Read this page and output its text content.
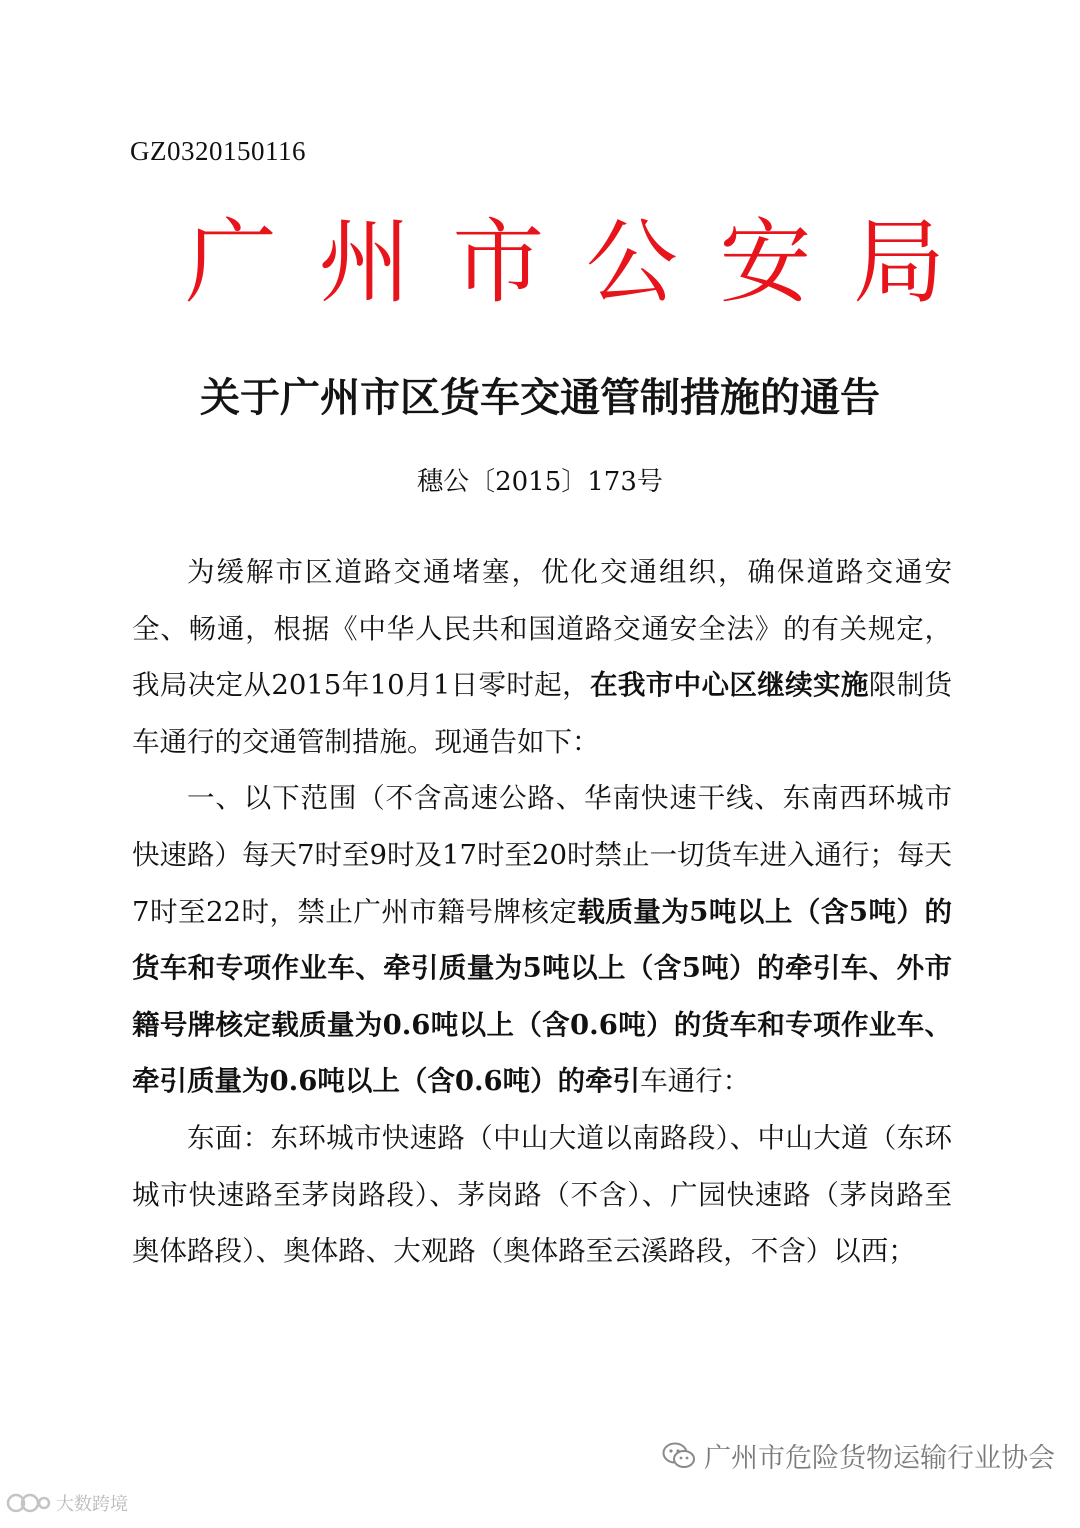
GZ0320150116
广 州 市 公 安 局
关于广州市区货车交通管制措施的通告
穗公〔2015〕173号

为缓解市区道路交通堵塞，优化交通组织，确保道路交通安全、畅通，根据《中华人民共和国道路交通安全法》的有关规定，我局决定从2015年10月1日零时起，在我市中心区继续实施限制货车通行的交通管制措施。现通告如下：

一、以下范围（不含高速公路、华南快速干线、东南西环城市快速路）每天7时至9时及17时至20时禁止一切货车进入通行；每天7时至22时，禁止广州市籍号牌核定载质量为5吨以上（含5吨）的货车和专项作业车、牵引质量为5吨以上（含5吨）的牵引车、外市籍号牌核定载质量为0.6吨以上（含0.6吨）的货车和专项作业车、牵引质量为0.6吨以上（含0.6吨）的牵引车通行：

东面：东环城市快速路（中山大道以南路段）、中山大道（东环城市快速路至茅岗路段）、茅岗路（不含）、广园快速路（茅岗路至奥体路段）、奥体路、大观路（奥体路至云溪路段，不含）以西；

广州市危险货物运输行业协会
大数跨境
